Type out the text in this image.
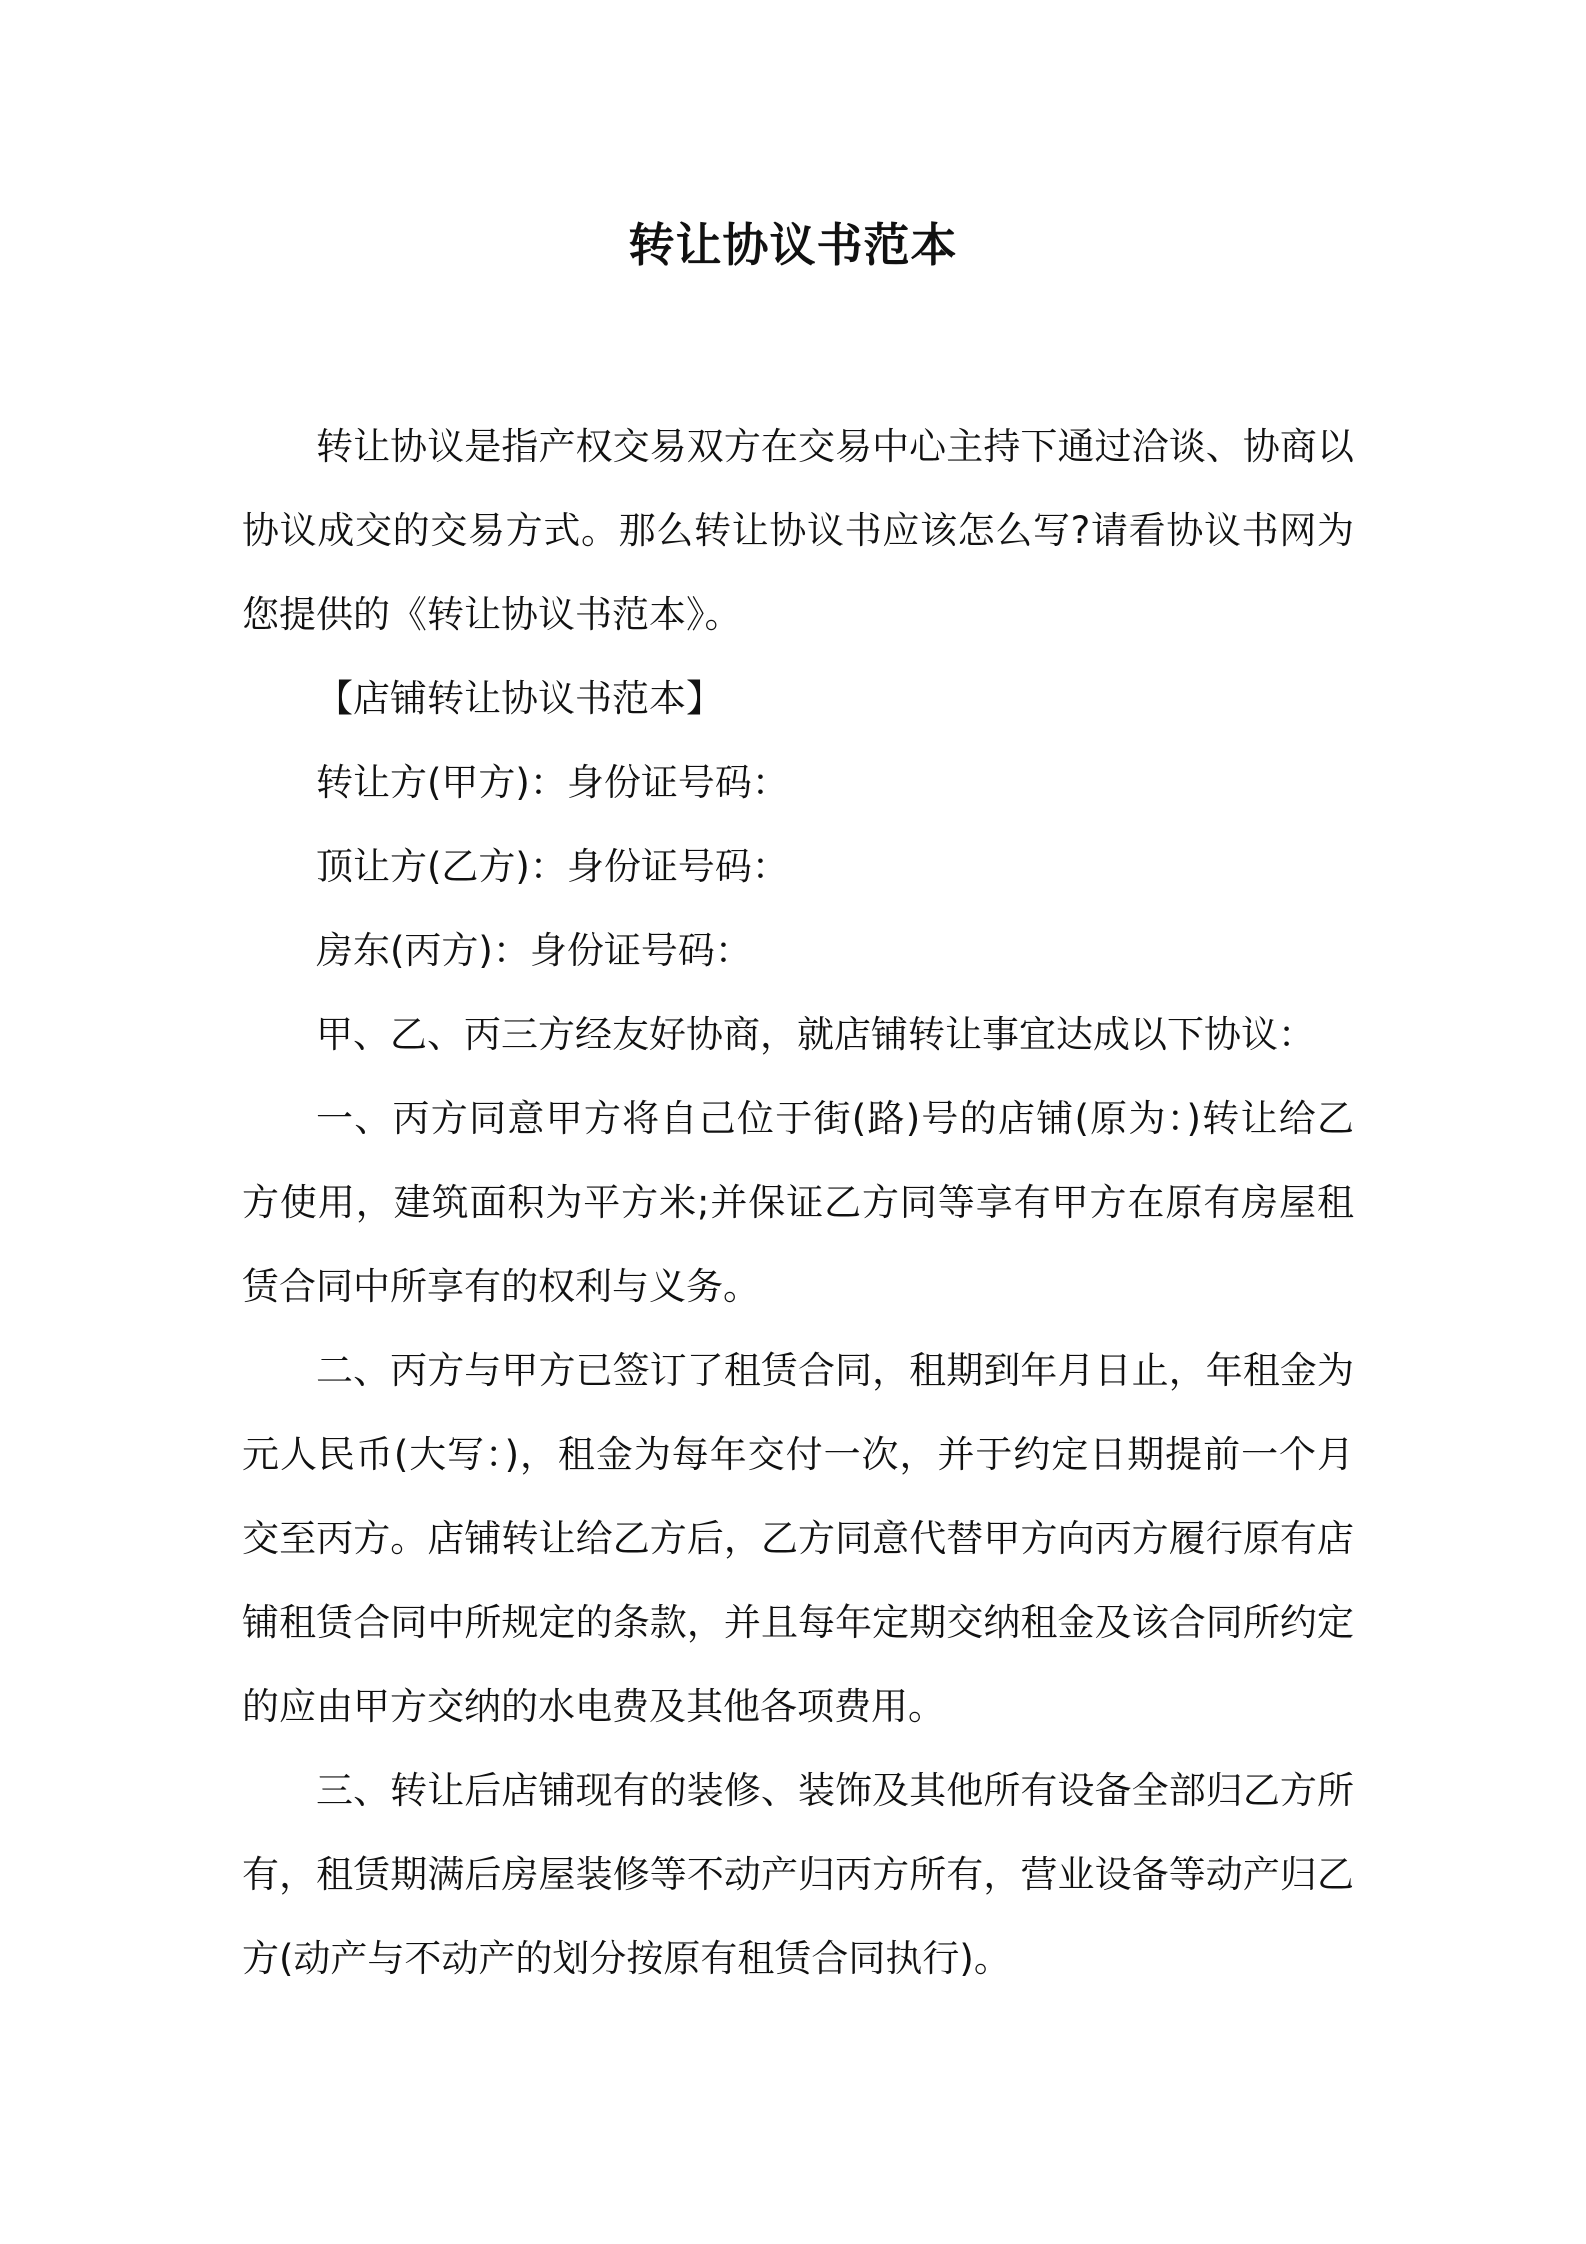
转让协议书范本

转让协议是指产权交易双方在交易中心主持下通过洽谈、协商以协议成交的交易方式。那么转让协议书应该怎么写?请看协议书网为您提供的《转让协议书范本》。

【店铺转让协议书范本】

转让方(甲方)：身份证号码：

顶让方(乙方)：身份证号码：

房东(丙方)：身份证号码：

甲、乙、丙三方经友好协商，就店铺转让事宜达成以下协议：

一、丙方同意甲方将自己位于街(路)号的店铺(原为：)转让给乙方使用，建筑面积为平方米;并保证乙方同等享有甲方在原有房屋租赁合同中所享有的权利与义务。

二、丙方与甲方已签订了租赁合同，租期到年月日止，年租金为元人民币(大写：)，租金为每年交付一次，并于约定日期提前一个月交至丙方。店铺转让给乙方后，乙方同意代替甲方向丙方履行原有店铺租赁合同中所规定的条款，并且每年定期交纳租金及该合同所约定的应由甲方交纳的水电费及其他各项费用。

三、转让后店铺现有的装修、装饰及其他所有设备全部归乙方所有，租赁期满后房屋装修等不动产归丙方所有，营业设备等动产归乙方(动产与不动产的划分按原有租赁合同执行)。
